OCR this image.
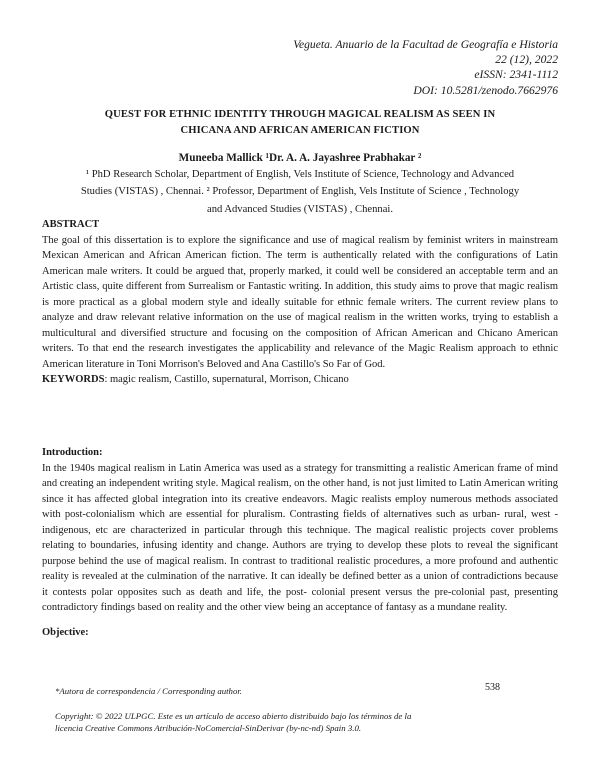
Vegueta. Anuario de la Facultad de Geografía e Historia
22 (12), 2022
eISSN: 2341-1112
DOI: 10.5281/zenodo.7662976
QUEST FOR ETHNIC IDENTITY THROUGH MAGICAL REALISM AS SEEN IN
CHICANA AND AFRICAN AMERICAN FICTION
Muneeba Mallick ¹Dr. A. A. Jayashree Prabhakar ²
¹ PhD Research Scholar, Department of English, Vels Institute of Science, Technology and Advanced
Studies (VISTAS) , Chennai. ² Professor, Department of English, Vels Institute of Science , Technology
and Advanced Studies (VISTAS) , Chennai.
ABSTRACT
The goal of this dissertation is to explore the significance and use of magical realism by feminist writers in mainstream Mexican American and African American fiction. The term is authentically related with the configurations of Latin American male writers. It could be argued that, properly marked, it could well be considered an acceptable term and an Artistic class, quite different from Surrealism or Fantastic writing. In addition, this study aims to prove that magic realism is more practical as a global modern style and ideally suitable for ethnic female writers. The current review plans to analyze and draw relevant relative information on the use of magical realism in the written works, trying to establish a multicultural and diversified structure and focusing on the composition of African American and Chicano American writers. To that end the research investigates the applicability and relevance of the Magic Realism approach to ethnic American literature in Toni Morrison's Beloved and Ana Castillo's So Far of God.
KEYWORDS: magic realism, Castillo, supernatural, Morrison, Chicano
Introduction:
In the 1940s magical realism in Latin America was used as a strategy for transmitting a realistic American frame of mind and creating an independent writing style. Magical realism, on the other hand, is not just limited to Latin American writing since it has affected global integration into its creative endeavors. Magic realists employ numerous methods associated with post-colonialism which are essential for pluralism. Contrasting fields of alternatives such as urban- rural, west -indigenous, etc are characterized in particular through this technique. The magical realistic projects cover problems relating to boundaries, infusing identity and change. Authors are trying to develop these plots to reveal the significant purpose behind the use of magical realism. In contrast to traditional realistic procedures, a more profound and authentic reality is revealed at the culmination of the narrative. It can ideally be defined better as a union of contradictions because it contests polar opposites such as death and life, the post- colonial present versus the pre-colonial past, presenting contradictory findings based on reality and the other view being an acceptance of fantasy as a mundane reality.
Objective:
*Autora de correspondencia / Corresponding author.	538
Copyright: © 2022 ULPGC. Este es un artículo de acceso abierto distribuido bajo los términos de la
licencia Creative Commons Atribución-NoComercial-SinDerivar (by-nc-nd) Spain 3.0.
